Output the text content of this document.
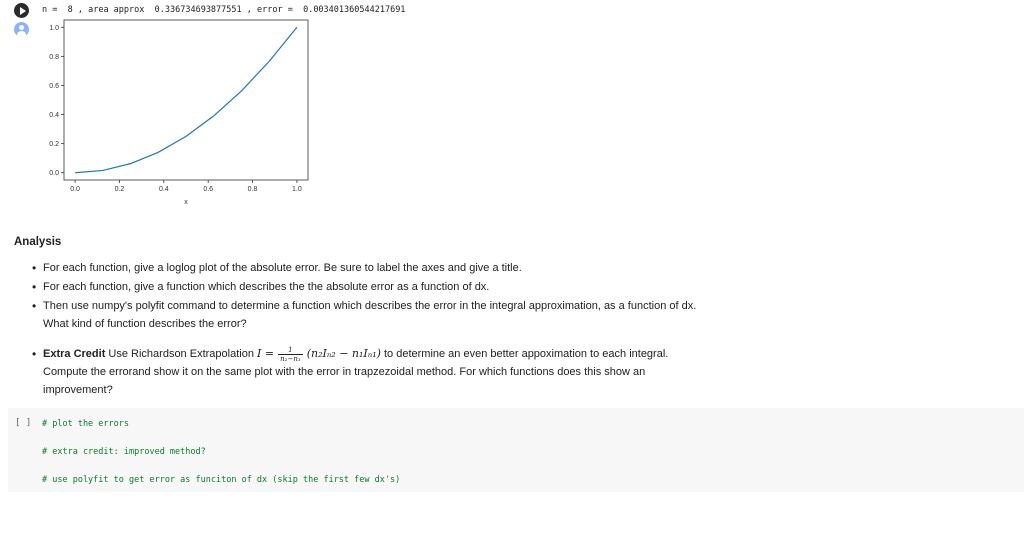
n = 8 , area approx 0.336734693877551 , error = 0.003401360544217691
0.0	0.2	0.4	0.6	0.8	1.0
0.0
0.2
0.4
0.6
0.8
1.0
x
Analysis
• For each function, give a loglog plot of the absolute error. Be sure to label the axes and give a title.
• For each function, give a function which describes the the absolute error as a function of dx.
• Then use numpy's polyfit command to determine a function which describes the error in the integral approximation, as a function of dx.
What kind of function describes the error?
• Extra Credit Use Richardson Extrapolation $I = \frac{1}{\text{n₂−n₁}} (n_2I_{n2} - n_1I_{n1})$ to determine an even better appoximation to each integral.
Compute the errorand show it on the same plot with the error in trapzezoidal method. For which functions does this show an
improvement?
[ ] # plot the errors

# extra credit: improved method?

# use polyfit to get error as funciton of dx (skip the first few dx's)
